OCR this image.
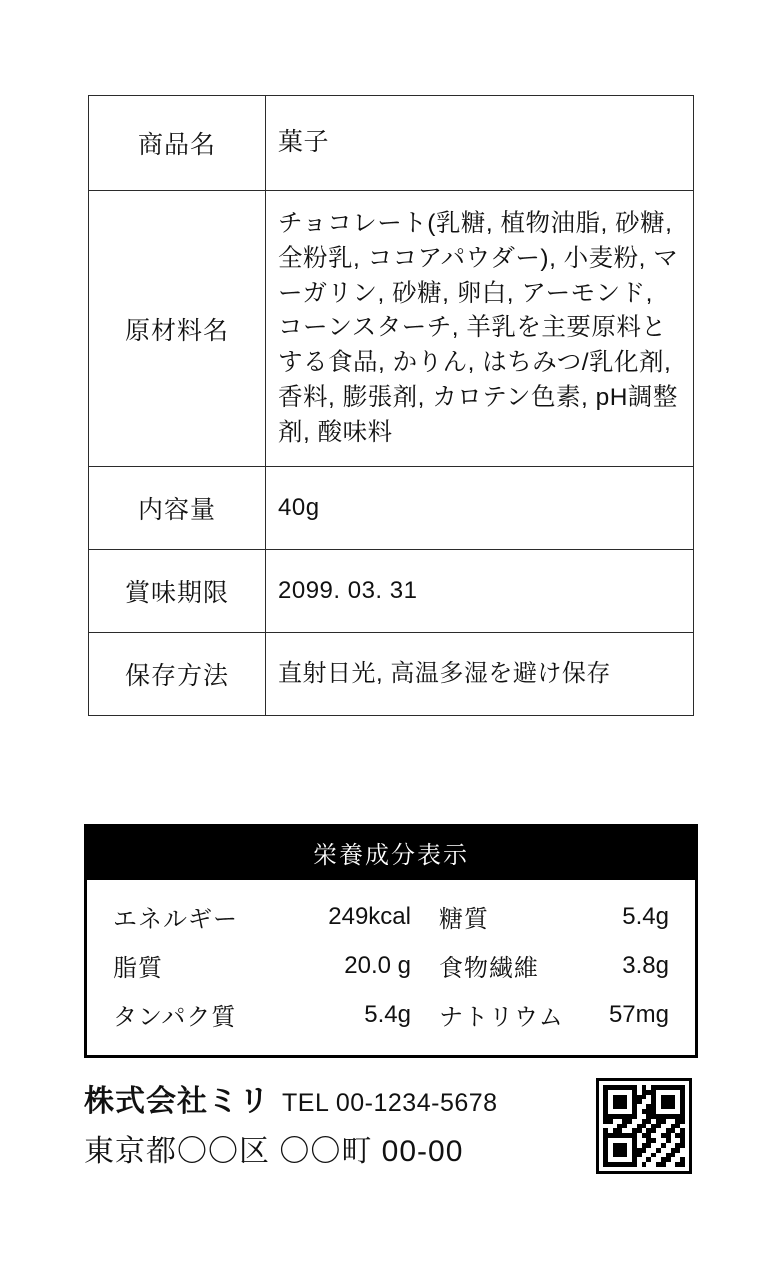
商品名	菓子
原材料名	チョコレート(乳糖, 植物油脂, 砂糖, 全粉乳, ココアパウダー), 小麦粉, マーガリン, 砂糖, 卵白, アーモンド, コーンスターチ, 羊乳を主要原料とする食品, かりん, はちみつ/乳化剤, 香料, 膨張剤, カロテン色素, pH調整剤, 酸味料
内容量	40g
賞味期限	2099. 03. 31
保存方法	直射日光, 高温多湿を避け保存
栄養成分表示
エネルギー	249kcal	糖質	5.4g
脂質	20.0 g	食物繊維	3.8g
タンパク質	5.4g	ナトリウム	57mg
株式会社ミリ TEL 00-1234-5678
東京都〇〇区 〇〇町 00-00
